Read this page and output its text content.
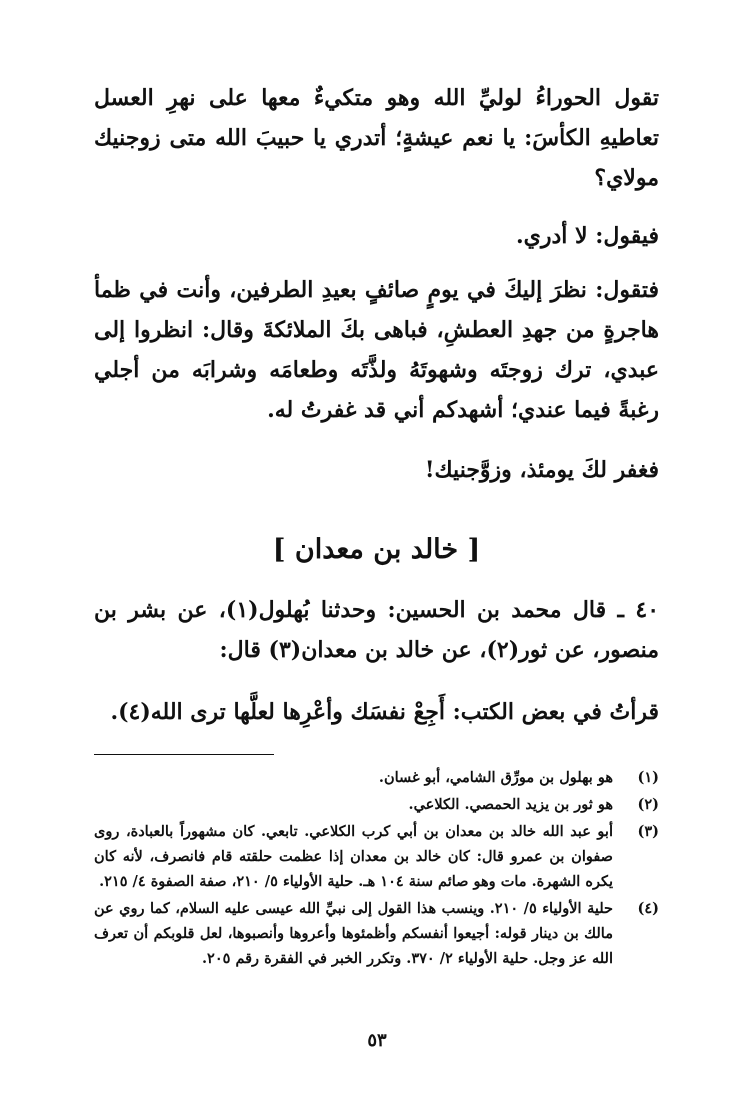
تقول الحوراءُ لوليِّ الله وهو متكيءٌ معها على نهرِ العسل تعاطيهِ الكأسَ: يا نعم عيشةٍ؛ أتدري يا حبيبَ الله متى زوجنيك مولاي؟

فيقول: لا أدري.

فتقول: نظرَ إليكَ في يومٍ صائفٍ بعيدِ الطرفين، وأنت في ظمأ هاجرةٍ من جهدِ العطشِ، فباهى بكَ الملائكةَ وقال: انظروا إلى عبدي، ترك زوجتَه وشهوتَهُ ولذَّتَه وطعامَه وشرابَه من أجلي رغبةً فيما عندي؛ أشهدكم أني قد غفرتُ له.

فغفر لكَ يومئذ، وزوَّجنيك!

[ خالد بن معدان ]

٤٠ ـ قال محمد بن الحسين: وحدثنا بُهلول(١)، عن بشر بن منصور، عن ثور(٢)، عن خالد بن معدان(٣) قال:

قرأتُ في بعض الكتب: أَجِعْ نفسَك وأعْرِها لعلَّها ترى الله(٤).

(١)
هو بهلول بن مورِّق الشامي، أبو غسان.
(٢)
هو ثور بن يزيد الحمصي. الكلاعي.
(٣)
أبو عبد الله خالد بن معدان بن أبي كرب الكلاعي. تابعي. كان مشهوراً بالعبادة، روى صفوان بن عمرو قال: كان خالد بن معدان إذا عظمت حلقته قام فانصرف، لأنه كان يكره الشهرة. مات وهو صائم سنة ١٠٤ هـ. حلية الأولياء ٥/ ٢١٠، صفة الصفوة ٤/ ٢١٥.
(٤)
حلية الأولياء ٥/ ٢١٠. وينسب هذا القول إلى نبيِّ الله عيسى عليه السلام، كما روي عن مالك بن دينار قوله: أجيعوا أنفسكم وأظمئوها وأعروها وأنصبوها، لعل قلوبكم أن تعرف الله عز وجل. حلية الأولياء ٢/ ٣٧٠. وتكرر الخبر في الفقرة رقم ٢٠٥.
٥٣
